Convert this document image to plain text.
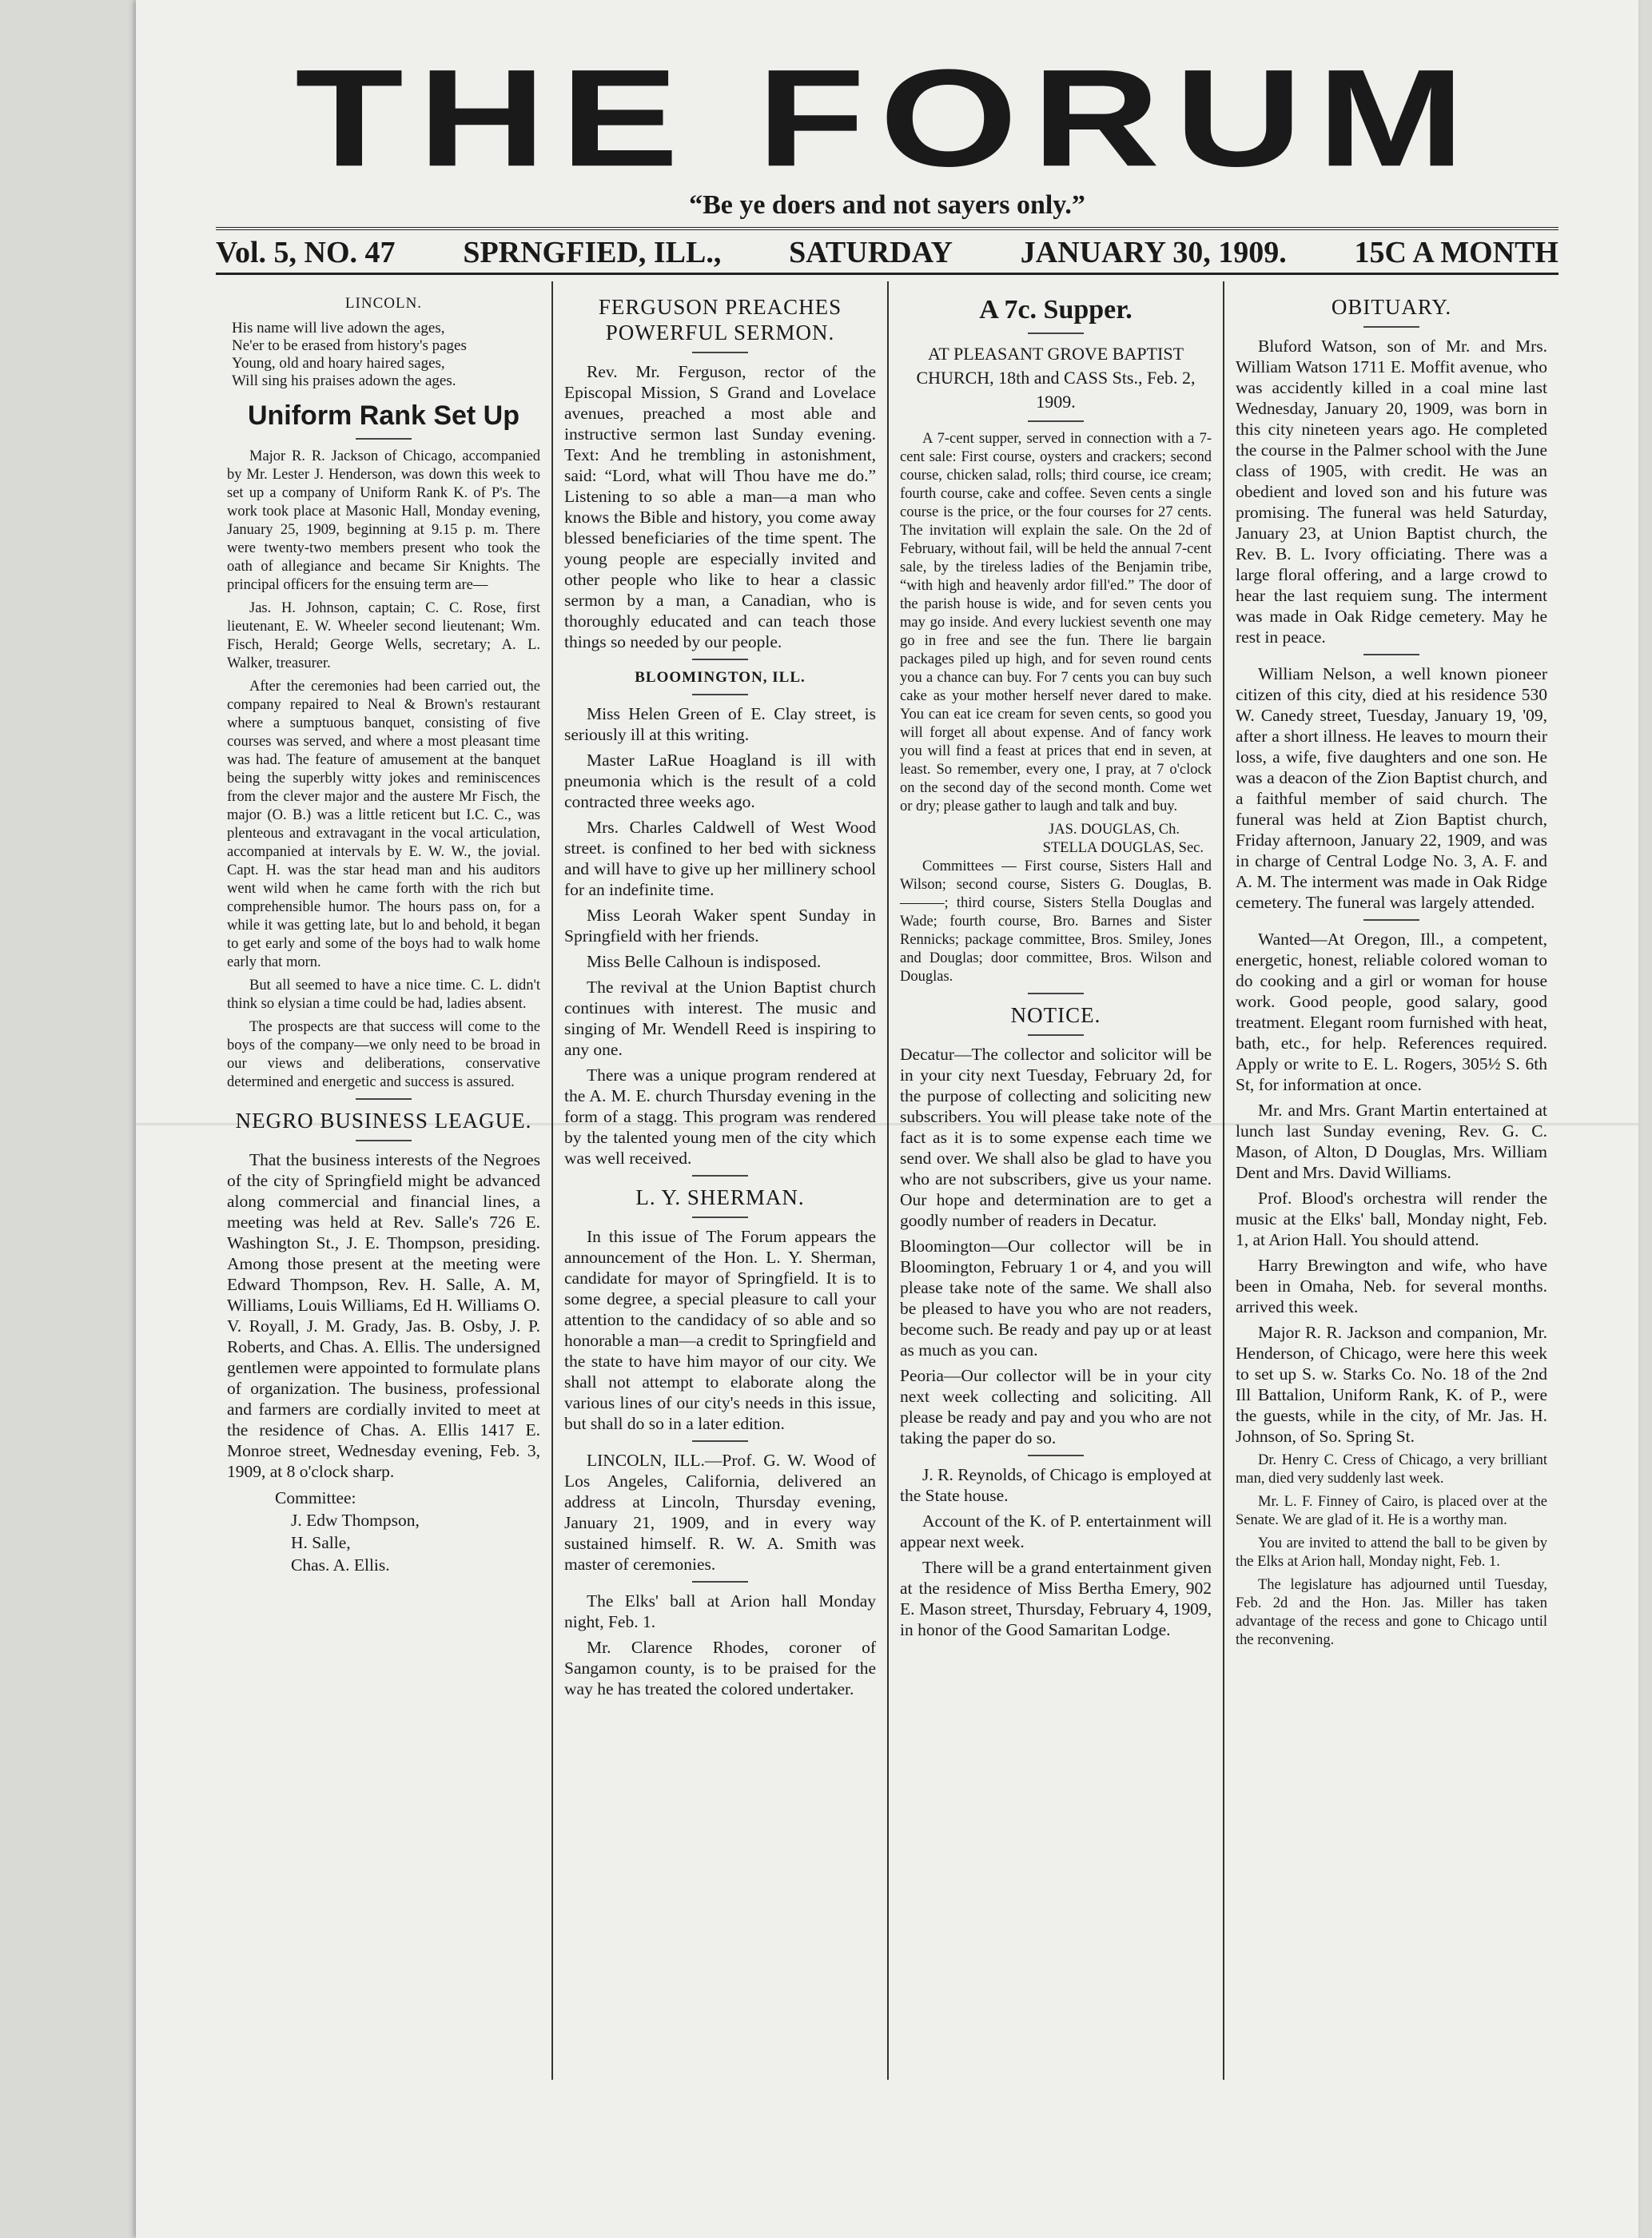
THE FORUM
“Be ye doers and not sayers only.”
Vol. 5, NO. 47 SPRNGFIED, ILL., SATURDAY JANUARY 30, 1909. 15C A MONTH
LINCOLN.
His name will live adown the ages,
Ne'er to be erased from history's pages
Young, old and hoary haired sages,
Will sing his praises adown the ages.
Uniform Rank Set Up

Major R. R. Jackson of Chicago, accompanied by Mr. Lester J. Henderson, was down this week to set up a company of Uniform Rank K. of P's. The work took place at Masonic Hall, Monday evening, January 25, 1909, beginning at 9.15 p. m. There were twenty-two members present who took the oath of allegiance and became Sir Knights. The principal officers for the ensuing term are—

Jas. H. Johnson, captain; C. C. Rose, first lieutenant, E. W. Wheeler second lieutenant; Wm. Fisch, Herald; George Wells, secretary; A. L. Walker, treasurer.

After the ceremonies had been carried out, the company repaired to Neal & Brown's restaurant where a sumptuous banquet, consisting of five courses was served, and where a most pleasant time was had. The feature of amusement at the banquet being the superbly witty jokes and reminiscences from the clever major and the austere Mr Fisch, the major (O. B.) was a little reticent but I.C. C., was plenteous and extravagant in the vocal articulation, accompanied at intervals by E. W. W., the jovial. Capt. H. was the star head man and his auditors went wild when he came forth with the rich but comprehensible humor. The hours pass on, for a while it was getting late, but lo and behold, it began to get early and some of the boys had to walk home early that morn.

But all seemed to have a nice time. C. L. didn't think so elysian a time could be had, ladies absent.

The prospects are that success will come to the boys of the company—we only need to be broad in our views and deliberations, conservative determined and energetic and success is assured.

NEGRO BUSINESS LEAGUE.

That the business interests of the Negroes of the city of Springfield might be advanced along commercial and financial lines, a meeting was held at Rev. Salle's 726 E. Washington St., J. E. Thompson, presiding. Among those present at the meeting were Edward Thompson, Rev. H. Salle, A. M, Williams, Louis Williams, Ed H. Williams O. V. Royall, J. M. Grady, Jas. B. Osby, J. P. Roberts, and Chas. A. Ellis. The undersigned gentlemen were appointed to formulate plans of organization. The business, professional and farmers are cordially invited to meet at the residence of Chas. A. Ellis 1417 E. Monroe street, Wednesday evening, Feb. 3, 1909, at 8 o'clock sharp.

Committee:
J. Edw Thompson,
H. Salle,
Chas. A. Ellis.
FERGUSON PREACHES POWERFUL SERMON.

Rev. Mr. Ferguson, rector of the Episcopal Mission, S Grand and Lovelace avenues, preached a most able and instructive sermon last Sunday evening. Text: And he trembling in astonishment, said: “Lord, what will Thou have me do.” Listening to so able a man—a man who knows the Bible and history, you come away blessed beneficiaries of the time spent. The young people are especially invited and other people who like to hear a classic sermon by a man, a Canadian, who is thoroughly educated and can teach those things so needed by our people.

BLOOMINGTON, ILL.

Miss Helen Green of E. Clay street, is seriously ill at this writing.

Master LaRue Hoagland is ill with pneumonia which is the result of a cold contracted three weeks ago.

Mrs. Charles Caldwell of West Wood street. is confined to her bed with sickness and will have to give up her millinery school for an indefinite time.

Miss Leorah Waker spent Sunday in Springfield with her friends.

Miss Belle Calhoun is indisposed.

The revival at the Union Baptist church continues with interest. The music and singing of Mr. Wendell Reed is inspiring to any one.

There was a unique program rendered at the A. M. E. church Thursday evening in the form of a stagg. This program was rendered by the talented young men of the city which was well received.

L. Y. SHERMAN.

In this issue of The Forum appears the announcement of the Hon. L. Y. Sherman, candidate for mayor of Springfield. It is to some degree, a special pleasure to call your attention to the candidacy of so able and so honorable a man—a credit to Springfield and the state to have him mayor of our city. We shall not attempt to elaborate along the various lines of our city's needs in this issue, but shall do so in a later edition.

LINCOLN, ILL.—Prof. G. W. Wood of Los Angeles, California, delivered an address at Lincoln, Thursday evening, January 21, 1909, and in every way sustained himself. R. W. A. Smith was master of ceremonies.

The Elks' ball at Arion hall Monday night, Feb. 1.

Mr. Clarence Rhodes, coroner of Sangamon county, is to be praised for the way he has treated the colored undertaker.

A 7c. Supper.
AT PLEASANT GROVE BAPTIST CHURCH, 18th and CASS Sts., Feb. 2, 1909.

A 7-cent supper, served in connection with a 7-cent sale: First course, oysters and crackers; second course, chicken salad, rolls; third course, ice cream; fourth course, cake and coffee. Seven cents a single course is the price, or the four courses for 27 cents. The invitation will explain the sale. On the 2d of February, without fail, will be held the annual 7-cent sale, by the tireless ladies of the Benjamin tribe, “with high and heavenly ardor fill'ed.” The door of the parish house is wide, and for seven cents you may go inside. And every luckiest seventh one may go in free and see the fun. There lie bargain packages piled up high, and for seven round cents you a chance can buy. For 7 cents you can buy such cake as your mother herself never dared to make. You can eat ice cream for seven cents, so good you will forget all about expense. And of fancy work you will find a feast at prices that end in seven, at least. So remember, every one, I pray, at 7 o'clock on the second day of the second month. Come wet or dry; please gather to laugh and talk and buy.

JAS. DOUGLAS, Ch.
STELLA DOUGLAS, Sec.

Committees — First course, Sisters Hall and Wilson; second course, Sisters G. Douglas, B. ———; third course, Sisters Stella Douglas and Wade; fourth course, Bro. Barnes and Sister Rennicks; package committee, Bros. Smiley, Jones and Douglas; door committee, Bros. Wilson and Douglas.

NOTICE.

Decatur—The collector and solicitor will be in your city next Tuesday, February 2d, for the purpose of collecting and soliciting new subscribers. You will please take note of the fact as it is to some expense each time we send over. We shall also be glad to have you who are not subscribers, give us your name. Our hope and determination are to get a goodly number of readers in Decatur.

Bloomington—Our collector will be in Bloomington, February 1 or 4, and you will please take note of the same. We shall also be pleased to have you who are not readers, become such. Be ready and pay up or at least as much as you can.

Peoria—Our collector will be in your city next week collecting and soliciting. All please be ready and pay and you who are not taking the paper do so.

J. R. Reynolds, of Chicago is employed at the State house.

Account of the K. of P. entertainment will appear next week.

There will be a grand entertainment given at the residence of Miss Bertha Emery, 902 E. Mason street, Thursday, February 4, 1909, in honor of the Good Samaritan Lodge.

OBITUARY.

Bluford Watson, son of Mr. and Mrs. William Watson 1711 E. Moffit avenue, who was accidently killed in a coal mine last Wednesday, January 20, 1909, was born in this city nineteen years ago. He completed the course in the Palmer school with the June class of 1905, with credit. He was an obedient and loved son and his future was promising. The funeral was held Saturday, January 23, at Union Baptist church, the Rev. B. L. Ivory officiating. There was a large floral offering, and a large crowd to hear the last requiem sung. The interment was made in Oak Ridge cemetery. May he rest in peace.

William Nelson, a well known pioneer citizen of this city, died at his residence 530 W. Canedy street, Tuesday, January 19, '09, after a short illness. He leaves to mourn their loss, a wife, five daughters and one son. He was a deacon of the Zion Baptist church, and a faithful member of said church. The funeral was held at Zion Baptist church, Friday afternoon, January 22, 1909, and was in charge of Central Lodge No. 3, A. F. and A. M. The interment was made in Oak Ridge cemetery. The funeral was largely attended.

Wanted—At Oregon, Ill., a competent, energetic, honest, reliable colored woman to do cooking and a girl or woman for house work. Good people, good salary, good treatment. Elegant room furnished with heat, bath, etc., for help. References required. Apply or write to E. L. Rogers, 305½ S. 6th St, for information at once.

Mr. and Mrs. Grant Martin entertained at lunch last Sunday evening, Rev. G. C. Mason, of Alton, D Douglas, Mrs. William Dent and Mrs. David Williams.

Prof. Blood's orchestra will render the music at the Elks' ball, Monday night, Feb. 1, at Arion Hall. You should attend.

Harry Brewington and wife, who have been in Omaha, Neb. for several months. arrived this week.

Major R. R. Jackson and companion, Mr. Henderson, of Chicago, were here this week to set up S. w. Starks Co. No. 18 of the 2nd Ill Battalion, Uniform Rank, K. of P., were the guests, while in the city, of Mr. Jas. H. Johnson, of So. Spring St.

Dr. Henry C. Cress of Chicago, a very brilliant man, died very suddenly last week.

Mr. L. F. Finney of Cairo, is placed over at the Senate. We are glad of it. He is a worthy man.

You are invited to attend the ball to be given by the Elks at Arion hall, Monday night, Feb. 1.

The legislature has adjourned until Tuesday, Feb. 2d and the Hon. Jas. Miller has taken advantage of the recess and gone to Chicago until the reconvening.
